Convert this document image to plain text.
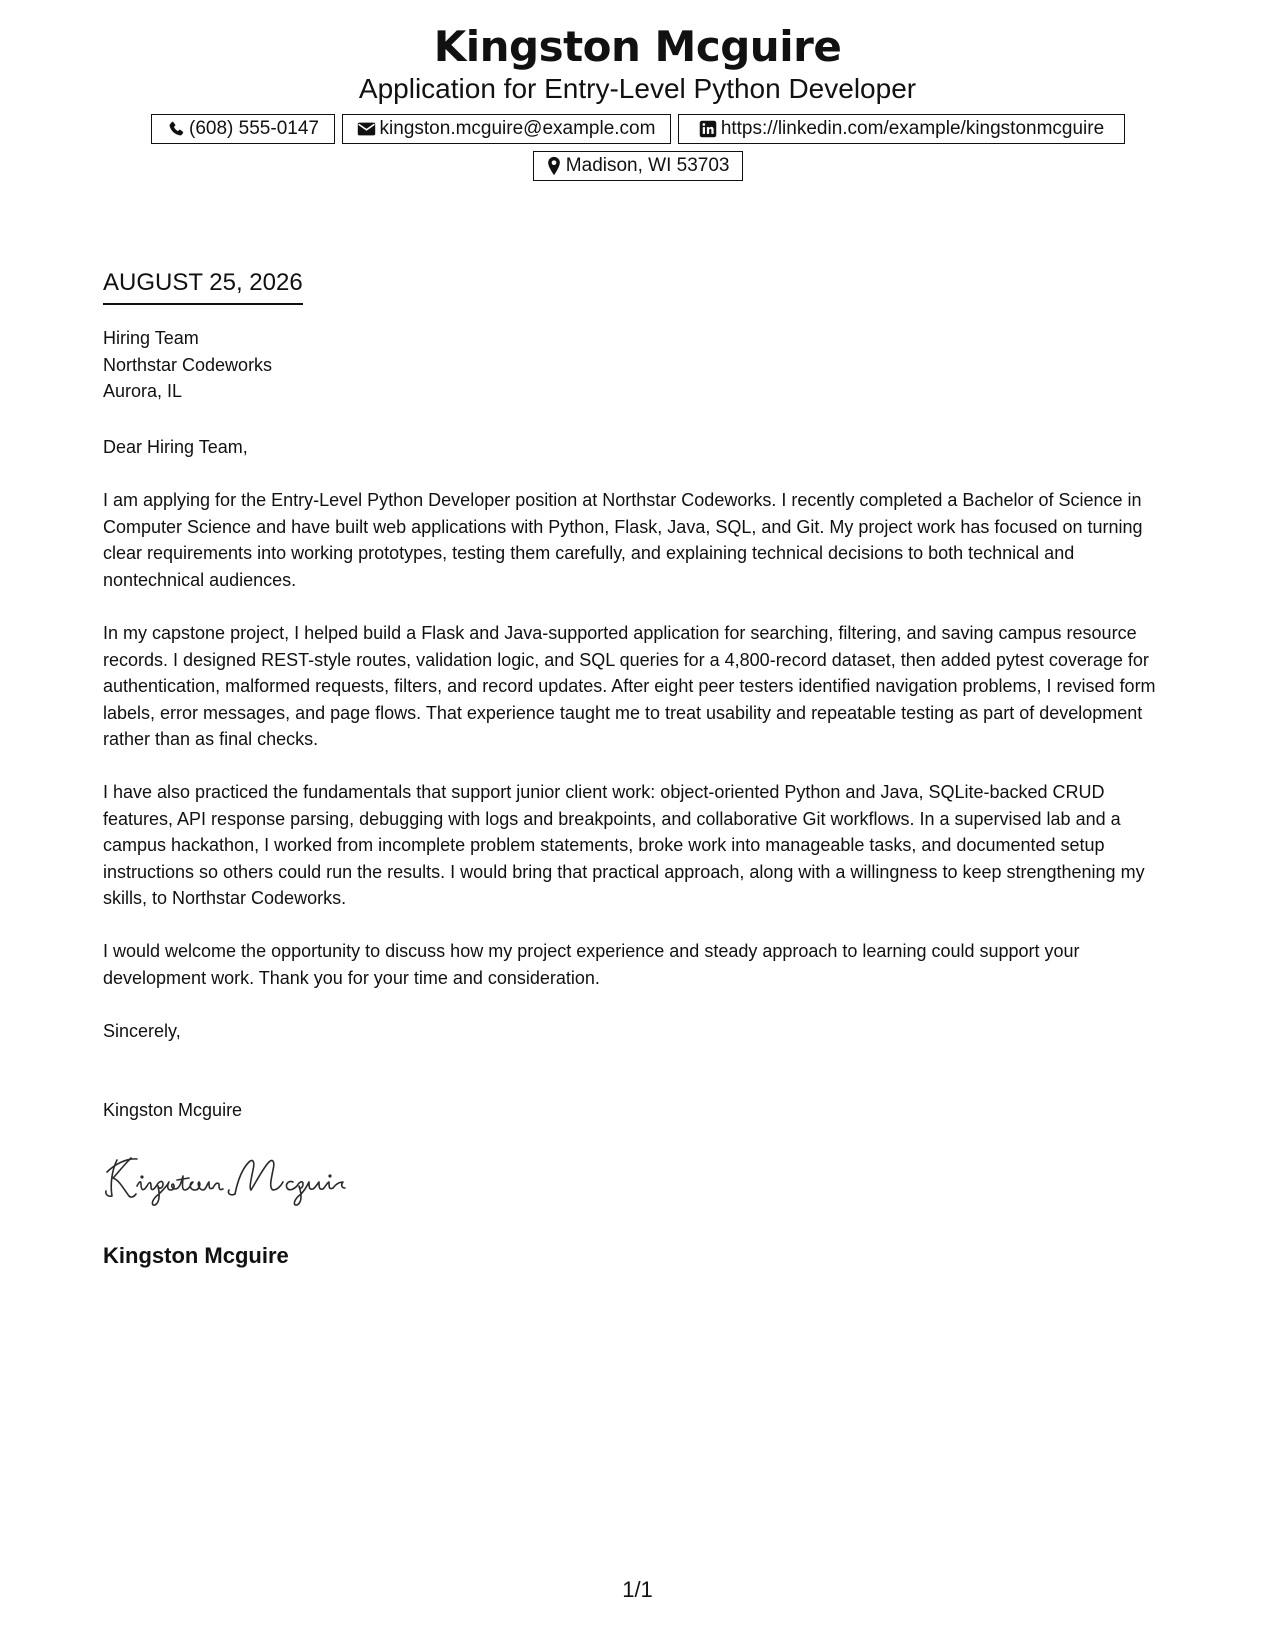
Kingston Mcguire
Application for Entry-Level Python Developer
(608) 555-0147	kingston.mcguire@example.com	https://linkedin.com/example/kingstonmcguire
Madison, WI 53703
AUGUST 25, 2026
Hiring Team
Northstar Codeworks
Aurora, IL
Dear Hiring Team,
I am applying for the Entry-Level Python Developer position at Northstar Codeworks. I recently completed a Bachelor of Science in Computer Science and have built web applications with Python, Flask, Java, SQL, and Git. My project work has focused on turning clear requirements into working prototypes, testing them carefully, and explaining technical decisions to both technical and nontechnical audiences.
In my capstone project, I helped build a Flask and Java-supported application for searching, filtering, and saving campus resource records. I designed REST-style routes, validation logic, and SQL queries for a 4,800-record dataset, then added pytest coverage for authentication, malformed requests, filters, and record updates. After eight peer testers identified navigation problems, I revised form labels, error messages, and page flows. That experience taught me to treat usability and repeatable testing as part of development rather than as final checks.
I have also practiced the fundamentals that support junior client work: object-oriented Python and Java, SQLite-backed CRUD features, API response parsing, debugging with logs and breakpoints, and collaborative Git workflows. In a supervised lab and a campus hackathon, I worked from incomplete problem statements, broke work into manageable tasks, and documented setup instructions so others could run the results. I would bring that practical approach, along with a willingness to keep strengthening my skills, to Northstar Codeworks.
I would welcome the opportunity to discuss how my project experience and steady approach to learning could support your development work. Thank you for your time and consideration.
Sincerely,
Kingston Mcguire
Kingston Mcguire
1/1
